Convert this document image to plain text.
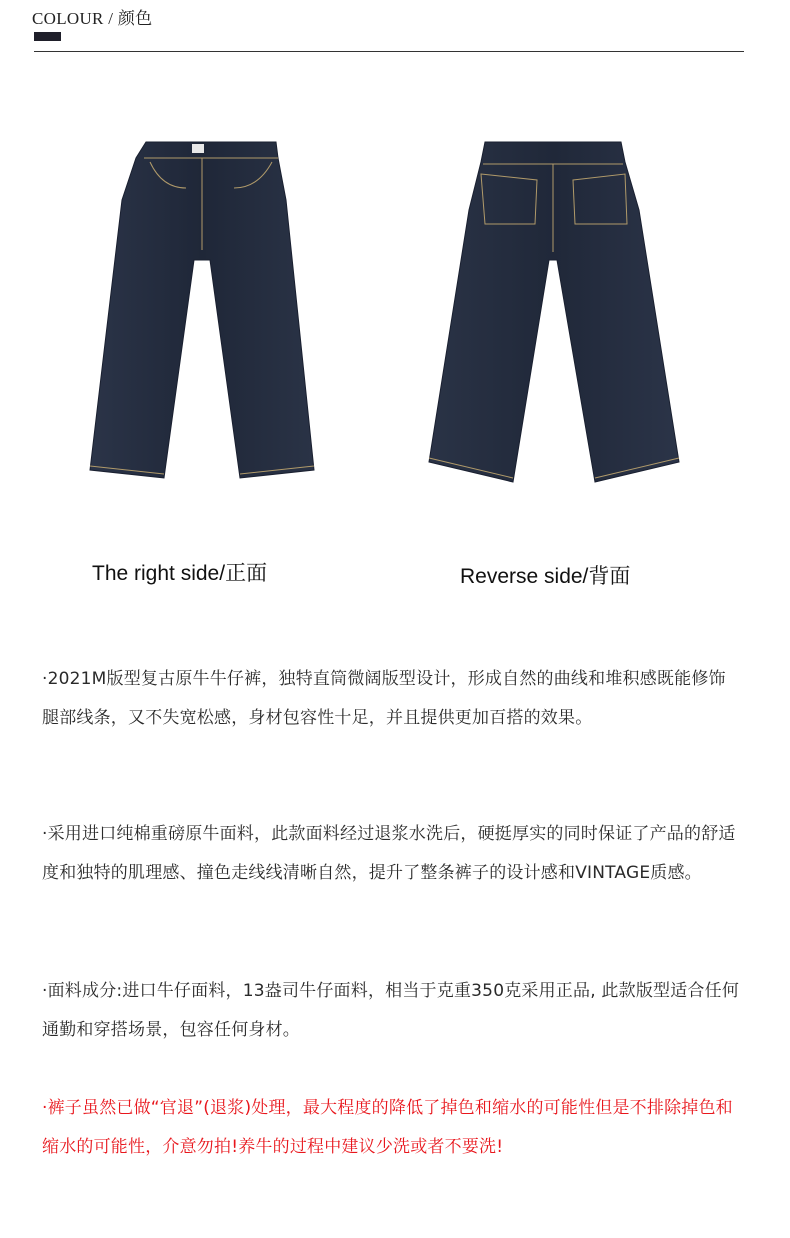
COLOUR / 颜色
The right side/正面	Reverse side/背面
·2021M版型复古原牛牛仔裤，独特直筒微阔版型设计，形成自然的曲线和堆积感既能修饰腿部线条，又不失宽松感，身材包容性十足，并且提供更加百搭的效果。
·采用进口纯棉重磅原牛面料，此款面料经过退浆水洗后，硬挺厚实的同时保证了产品的舒适度和独特的肌理感、撞色走线线清晰自然，提升了整条裤子的设计感和VINTAGE质感。
·面料成分:进口牛仔面料，13盎司牛仔面料，相当于克重350克采用正品, 此款版型适合任何通勤和穿搭场景，包容任何身材。
·裤子虽然已做“官退”(退浆)处理，最大程度的降低了掉色和缩水的可能性但是不排除掉色和缩水的可能性，介意勿拍!养牛的过程中建议少洗或者不要洗!
